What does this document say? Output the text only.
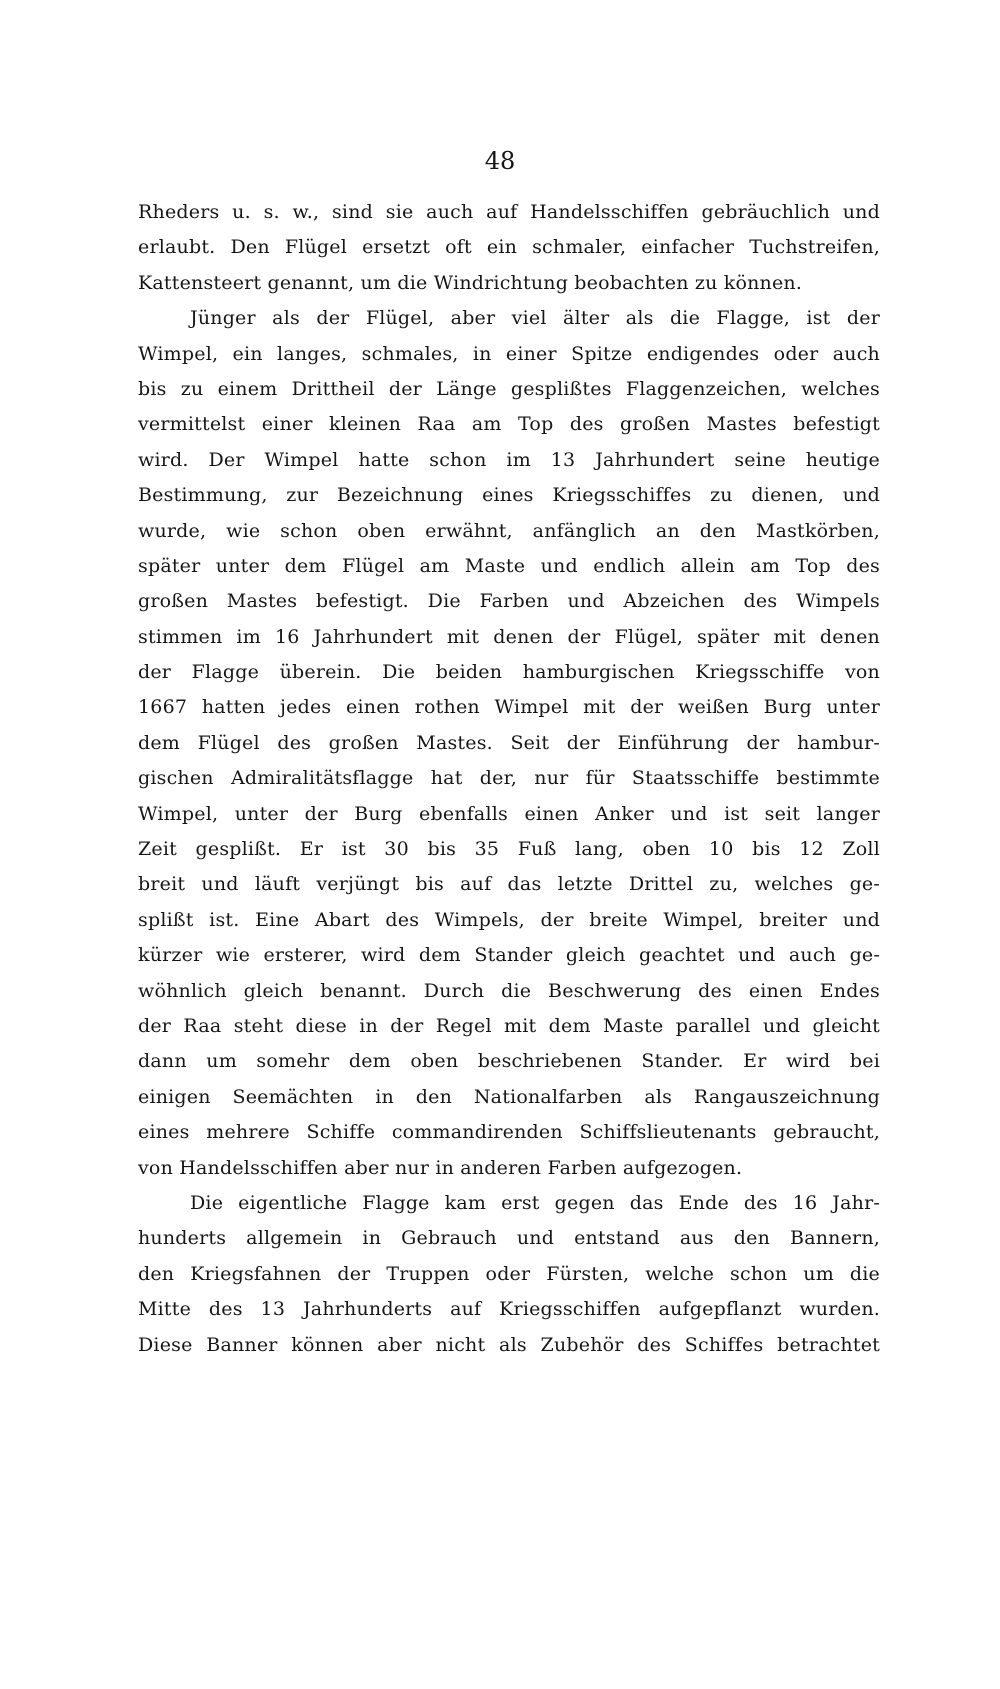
48
Rheders u. s. w., sind sie auch auf Handelsschiffen gebräuchlich und
erlaubt. Den Flügel ersetzt oft ein schmaler, einfacher Tuchstreifen,
Kattensteert genannt, um die Windrichtung beobachten zu können.
Jünger als der Flügel, aber viel älter als die Flagge, ist der
Wimpel, ein langes, schmales, in einer Spitze endigendes oder auch
bis zu einem Drittheil der Länge gesplißtes Flaggenzeichen, welches
vermittelst einer kleinen Raa am Top des großen Mastes befestigt
wird. Der Wimpel hatte schon im 13 Jahrhundert seine heutige
Bestimmung, zur Bezeichnung eines Kriegsschiffes zu dienen, und
wurde, wie schon oben erwähnt, anfänglich an den Mastkörben,
später unter dem Flügel am Maste und endlich allein am Top des
großen Mastes befestigt. Die Farben und Abzeichen des Wimpels
stimmen im 16 Jahrhundert mit denen der Flügel, später mit denen
der Flagge überein. Die beiden hamburgischen Kriegsschiffe von
1667 hatten jedes einen rothen Wimpel mit der weißen Burg unter
dem Flügel des großen Mastes. Seit der Einführung der hambur-
gischen Admiralitätsflagge hat der, nur für Staatsschiffe bestimmte
Wimpel, unter der Burg ebenfalls einen Anker und ist seit langer
Zeit gesplißt. Er ist 30 bis 35 Fuß lang, oben 10 bis 12 Zoll
breit und läuft verjüngt bis auf das letzte Drittel zu, welches ge-
splißt ist. Eine Abart des Wimpels, der breite Wimpel, breiter und
kürzer wie ersterer, wird dem Stander gleich geachtet und auch ge-
wöhnlich gleich benannt. Durch die Beschwerung des einen Endes
der Raa steht diese in der Regel mit dem Maste parallel und gleicht
dann um somehr dem oben beschriebenen Stander. Er wird bei
einigen Seemächten in den Nationalfarben als Rangauszeichnung
eines mehrere Schiffe commandirenden Schiffslieutenants gebraucht,
von Handelsschiffen aber nur in anderen Farben aufgezogen.
Die eigentliche Flagge kam erst gegen das Ende des 16 Jahr-
hunderts allgemein in Gebrauch und entstand aus den Bannern,
den Kriegsfahnen der Truppen oder Fürsten, welche schon um die
Mitte des 13 Jahrhunderts auf Kriegsschiffen aufgepflanzt wurden.
Diese Banner können aber nicht als Zubehör des Schiffes betrachtet
